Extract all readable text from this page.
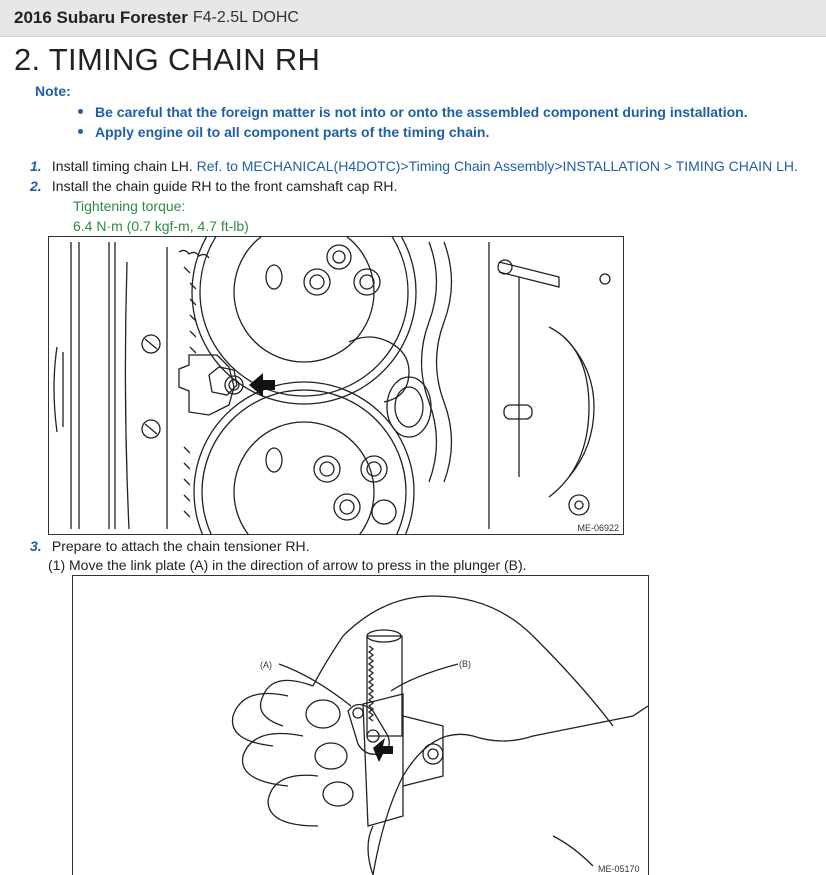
2016 Subaru Forester F4-2.5L DOHC
2. TIMING CHAIN RH
Note:
Be careful that the foreign matter is not into or onto the assembled component during installation.
Apply engine oil to all component parts of the timing chain.
1. Install timing chain LH. Ref. to MECHANICAL(H4DOTC)>Timing Chain Assembly>INSTALLATION > TIMING CHAIN LH.
2. Install the chain guide RH to the front camshaft cap RH.
Tightening torque:
6.4 N·m (0.7 kgf-m, 4.7 ft-lb)
ME-06922
3. Prepare to attach the chain tensioner RH.
(1) Move the link plate (A) in the direction of arrow to press in the plunger (B).
(A)	(B)
ME-05170
